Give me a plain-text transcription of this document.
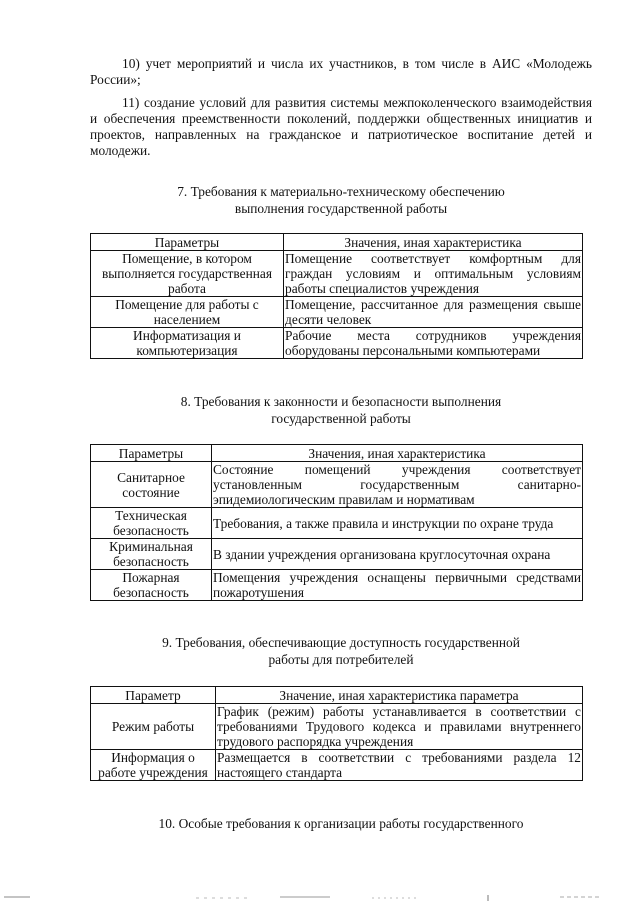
10) учет мероприятий и числа их участников, в том числе в АИС «Молодежь России»;

11) создание условий для развития системы межпоколенческого взаимодействия и обеспечения преемственности поколений, поддержки общественных инициатив и проектов, направленных на гражданское и патриотическое воспитание детей и молодежи.

7. Требования к материально-техническому обеспечению
выполнения государственной работы
Параметры	Значения, иная характеристика
Помещение, в котором выполняется государственная работа	Помещение соответствует комфортным для граждан условиям и оптимальным условиям работы специалистов учреждения
Помещение для работы с населением	Помещение, рассчитанное для размещения свыше десяти человек
Информатизация и компьютеризация	Рабочие места сотрудников учреждения оборудованы персональными компьютерами
8. Требования к законности и безопасности выполнения
государственной работы
Параметры	Значения, иная характеристика
Санитарное состояние	Состояние помещений учреждения соответствует установленным государственным санитарно-эпидемиологическим правилам и нормативам
Техническая безопасность	Требования, а также правила и инструкции по охране труда
Криминальная безопасность	В здании учреждения организована круглосуточная охрана
Пожарная безопасность	Помещения учреждения оснащены первичными средствами пожаротушения
9. Требования, обеспечивающие доступность государственной
работы для потребителей
Параметр	Значение, иная характеристика параметра
Режим работы	График (режим) работы устанавливается в соответствии с требованиями Трудового кодекса и правилами внутреннего трудового распорядка учреждения
Информация о работе учреждения	Размещается в соответствии с требованиями раздела 12 настоящего стандарта
10. Особые требования к организации работы государственного
